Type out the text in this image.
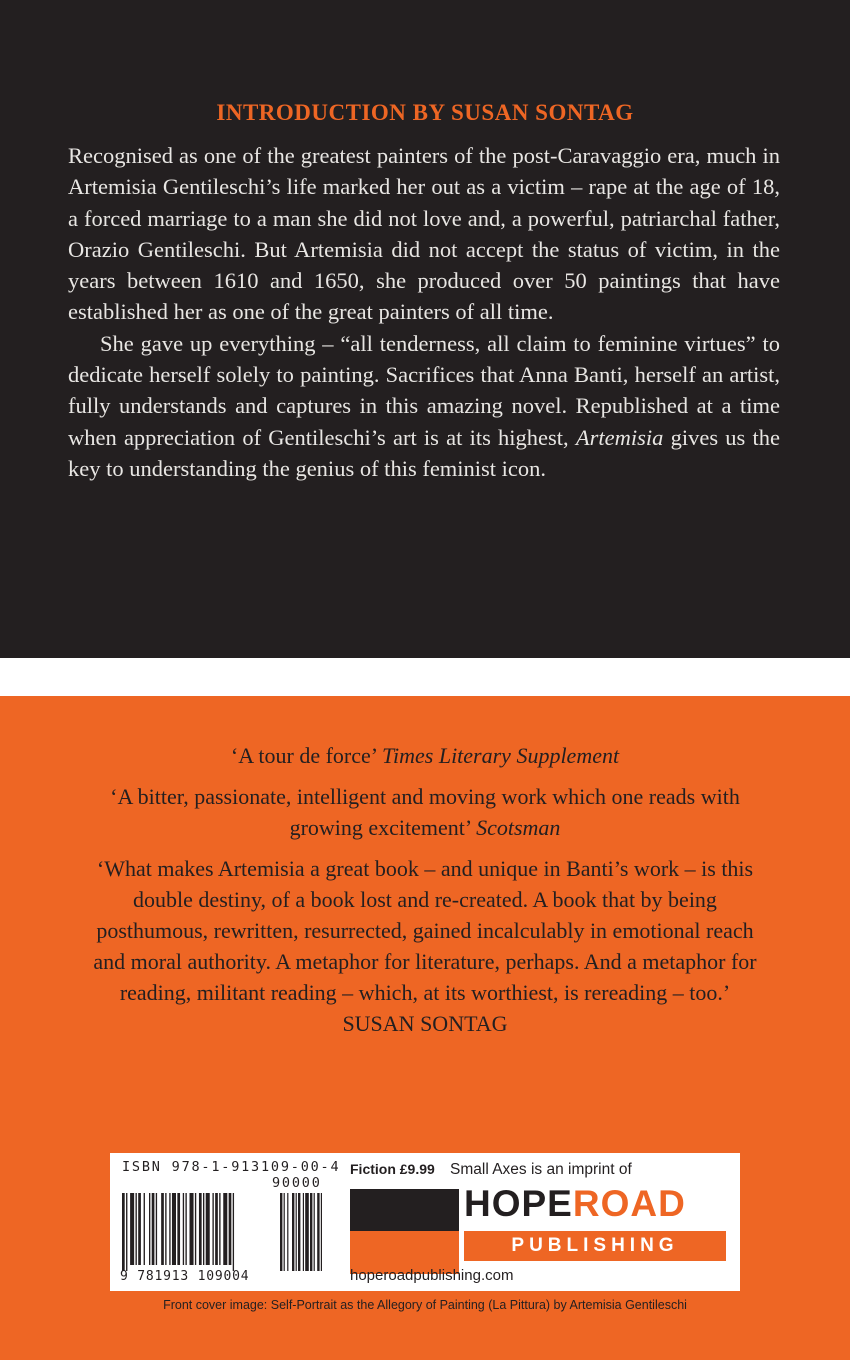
INTRODUCTION BY SUSAN SONTAG

Recognised as one of the greatest painters of the post-Caravaggio era, much in Artemisia Gentileschi’s life marked her out as a victim – rape at the age of 18, a forced marriage to a man she did not love and, a powerful, patriarchal father, Orazio Gentileschi. But Artemisia did not accept the status of victim, in the years between 1610 and 1650, she produced over 50 paintings that have established her as one of the great painters of all time.

She gave up everything – “all tenderness, all claim to feminine virtues” to dedicate herself solely to painting. Sacrifices that Anna Banti, herself an artist, fully understands and captures in this amazing novel. Republished at a time when appreciation of Gentileschi’s art is at its highest, Artemisia gives us the key to understanding the genius of this feminist icon.

‘A tour de force’ Times Literary Supplement

‘A bitter, passionate, intelligent and moving work which one reads with growing excitement’ Scotsman

‘What makes Artemisia a great book – and unique in Banti’s work – is this double destiny, of a book lost and re-created. A book that by being posthumous, rewritten, resurrected, gained incalculably in emotional reach and moral authority. A metaphor for literature, perhaps. And a metaphor for reading, militant reading – which, at its worthiest, is rereading – too.’
SUSAN SONTAG

ISBN 978-1-913109-00-4
90000
9 781913 109004
Fiction £9.99 Small Axes is an imprint of
HOPEROAD
PUBLISHING
hoperoadpublishing.com
Front cover image: Self-Portrait as the Allegory of Painting (La Pittura) by Artemisia Gentileschi
